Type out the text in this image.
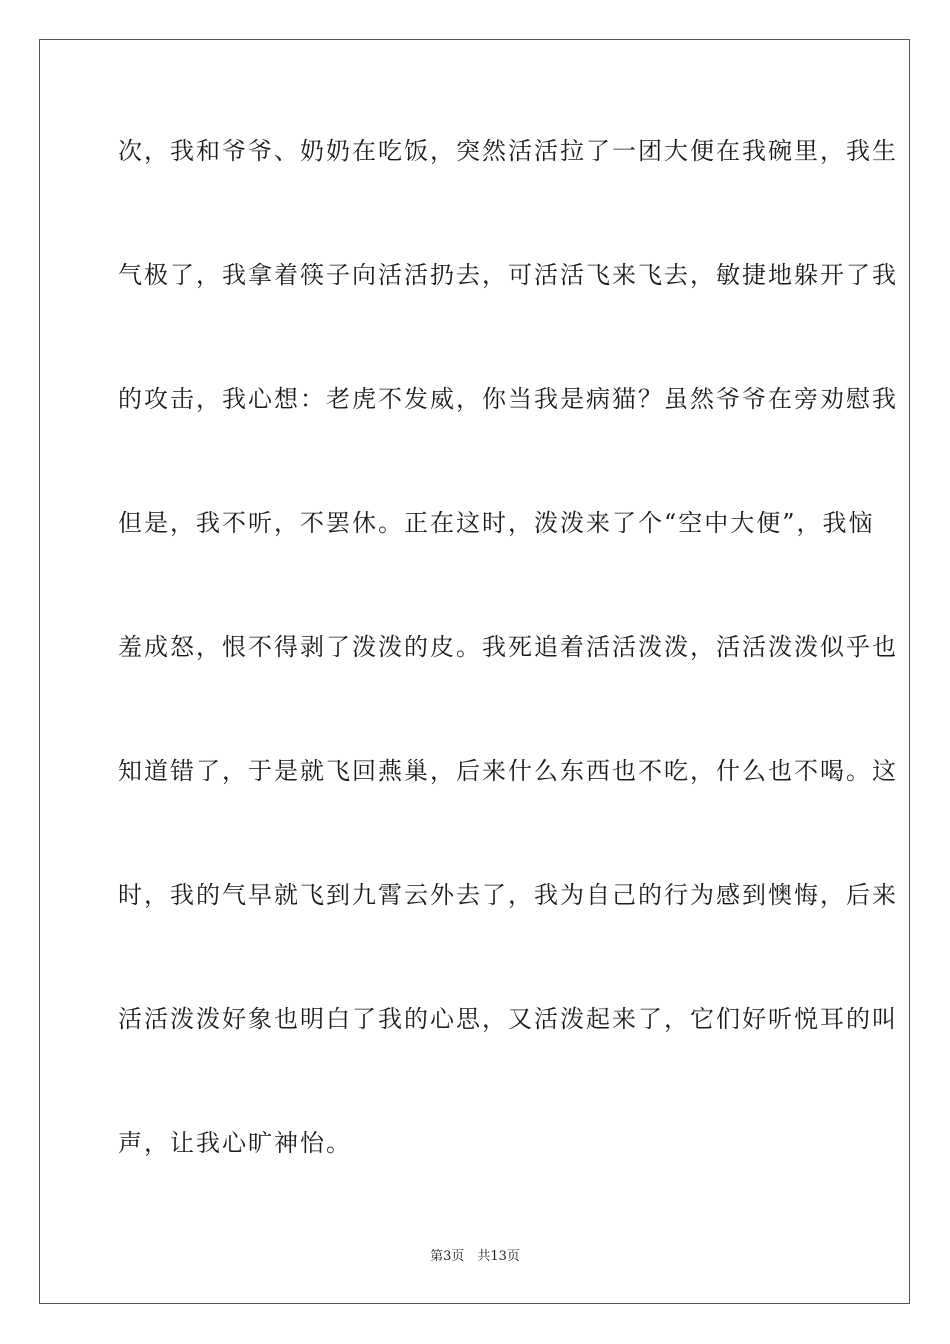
次，我和爷爷、奶奶在吃饭，突然活活拉了一团大便在我碗里，我生
气极了，我拿着筷子向活活扔去，可活活飞来飞去，敏捷地躲开了我
的攻击，我心想：老虎不发威，你当我是病猫？虽然爷爷在旁劝慰我
但是，我不听，不罢休。正在这时，泼泼来了个“空中大便”，我恼
羞成怒，恨不得剥了泼泼的皮。我死追着活活泼泼，活活泼泼似乎也
知道错了，于是就飞回燕巢，后来什么东西也不吃，什么也不喝。这
时，我的气早就飞到九霄云外去了，我为自己的行为感到懊悔，后来
活活泼泼好象也明白了我的心思，又活泼起来了，它们好听悦耳的叫
声，让我心旷神怡。
第3页　共13页
